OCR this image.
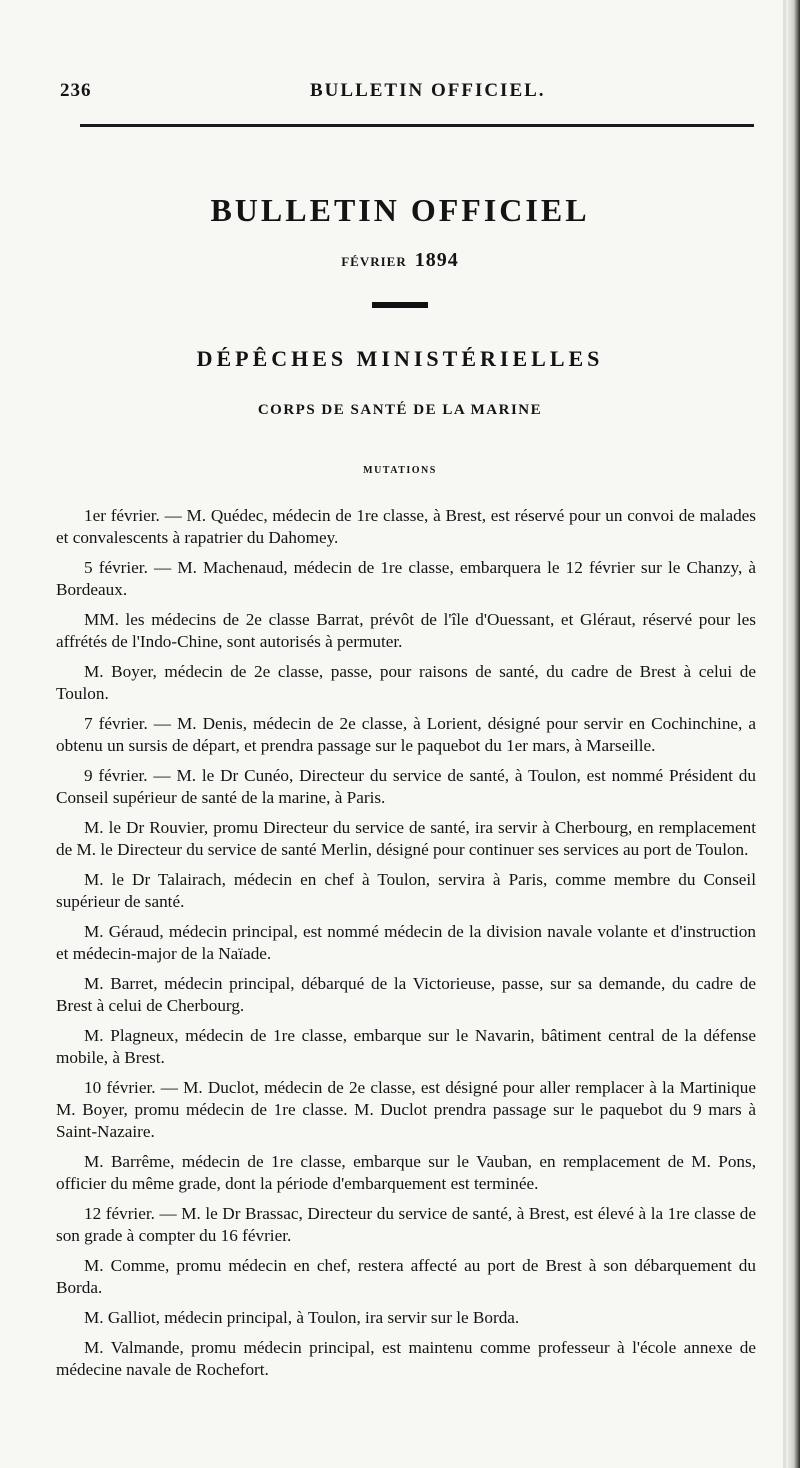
236	BULLETIN OFFICIEL.
BULLETIN OFFICIEL
FÉVRIER 1894
DÉPÊCHES MINISTÉRIELLES
CORPS DE SANTÉ DE LA MARINE
MUTATIONS

1er février. — M. Quédec, médecin de 1re classe, à Brest, est réservé pour un convoi de malades et convalescents à rapatrier du Dahomey.

5 février. — M. Machenaud, médecin de 1re classe, embarquera le 12 février sur le Chanzy, à Bordeaux.

MM. les médecins de 2e classe Barrat, prévôt de l'île d'Ouessant, et Gléraut, réservé pour les affrétés de l'Indo-Chine, sont autorisés à permuter.

M. Boyer, médecin de 2e classe, passe, pour raisons de santé, du cadre de Brest à celui de Toulon.

7 février. — M. Denis, médecin de 2e classe, à Lorient, désigné pour servir en Cochinchine, a obtenu un sursis de départ, et prendra passage sur le paquebot du 1er mars, à Marseille.

9 février. — M. le Dr Cunéo, Directeur du service de santé, à Toulon, est nommé Président du Conseil supérieur de santé de la marine, à Paris.

M. le Dr Rouvier, promu Directeur du service de santé, ira servir à Cherbourg, en remplacement de M. le Directeur du service de santé Merlin, désigné pour continuer ses services au port de Toulon.

M. le Dr Talairach, médecin en chef à Toulon, servira à Paris, comme membre du Conseil supérieur de santé.

M. Géraud, médecin principal, est nommé médecin de la division navale volante et d'instruction et médecin-major de la Naïade.

M. Barret, médecin principal, débarqué de la Victorieuse, passe, sur sa demande, du cadre de Brest à celui de Cherbourg.

M. Plagneux, médecin de 1re classe, embarque sur le Navarin, bâtiment central de la défense mobile, à Brest.

10 février. — M. Duclot, médecin de 2e classe, est désigné pour aller remplacer à la Martinique M. Boyer, promu médecin de 1re classe. M. Duclot prendra passage sur le paquebot du 9 mars à Saint-Nazaire.

M. Barrême, médecin de 1re classe, embarque sur le Vauban, en remplacement de M. Pons, officier du même grade, dont la période d'embarquement est terminée.

12 février. — M. le Dr Brassac, Directeur du service de santé, à Brest, est élevé à la 1re classe de son grade à compter du 16 février.

M. Comme, promu médecin en chef, restera affecté au port de Brest à son débarquement du Borda.

M. Galliot, médecin principal, à Toulon, ira servir sur le Borda.

M. Valmande, promu médecin principal, est maintenu comme professeur à l'école annexe de médecine navale de Rochefort.
